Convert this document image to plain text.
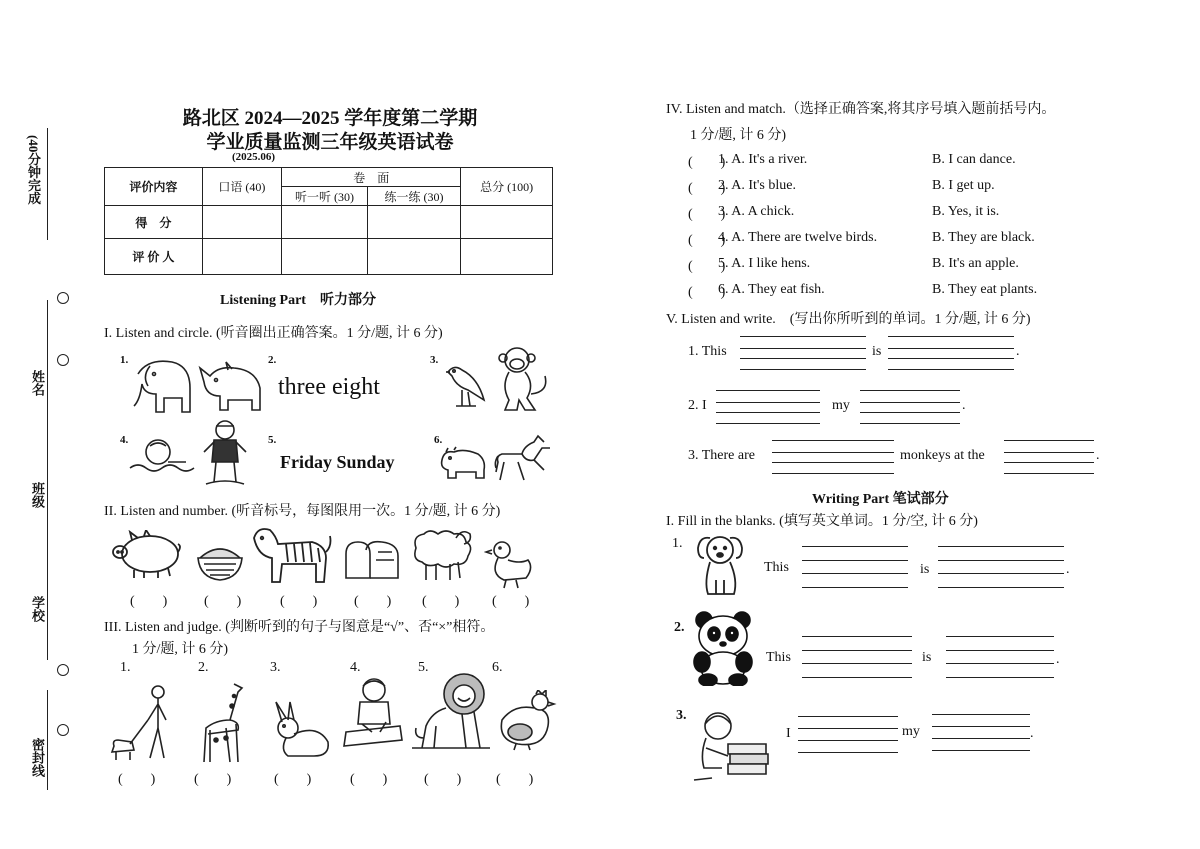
(40分钟完成
姓名
班级
学校
密封线
路北区 2024—2025 学年度第二学期
学业质量监测三年级英语试卷
(2025.06)
评价内容	口语 (40)	卷　面		总分 (100)
		听一听 (30)	练一练 (30)	
得　分				
评 价 人				
Listening Part　听力部分
I. Listen and circle. (听音圈出正确答案。1 分/题, 计 6 分)
1.	2.
three eight
3.
4.	5.
Friday Sunday
6.
II. Listen and number. (听音标号，每图限用一次。1 分/题, 计 6 分)
(　　)	(　　)	(　　)	(　　) (　　) (　　)
III. Listen and judge. (判断听到的句子与图意是“√”、否“×”相符。
1 分/题, 计 6 分)
1.	2.	3.	4.	5.	6.
(　　)	(　　)	(　　)	(　　)	(　　) (　　)
IV. Listen and match.（选择正确答案,将其序号填入题前括号内。
1 分/题, 计 6 分)
(　　)
1. A. It's a river.	B. I can dance.
(　　)
2. A. It's blue.	B. I get up.
(　　)
3. A. A chick.	B. Yes, it is.
(　　)
4. A. There are twelve birds.	B. They are black.
(　　)
5. A. I like hens.	B. It's an apple.
(　　)
6. A. They eat fish.	B. They eat plants.
V. Listen and write.　(写出你所听到的单词。1 分/题, 计 6 分)
1. This	is	.
2. I	my	.
3. There are	monkeys at the	.
Writing Part 笔试部分
I. Fill in the blanks. (填写英文单词。1 分/空, 计 6 分)
1.
This	is	.
2.
This	is	.
3.
I	my	.
